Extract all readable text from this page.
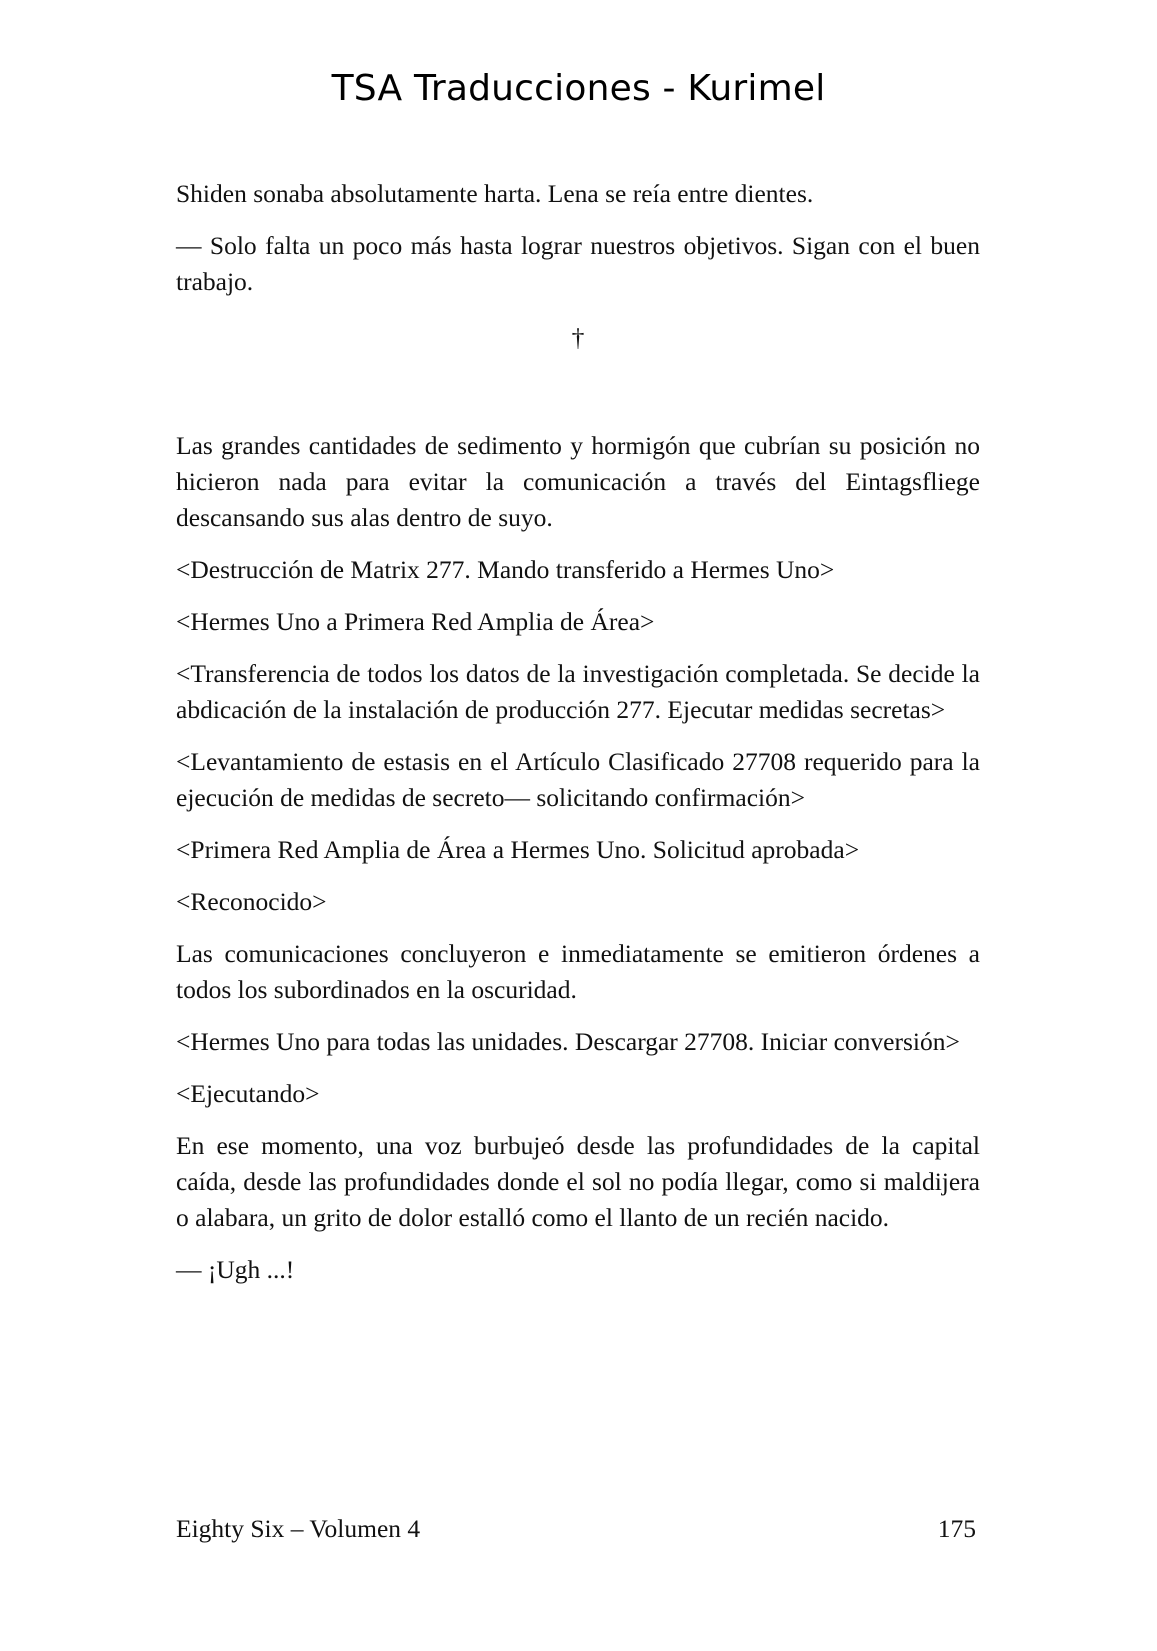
TSA Traducciones - Kurimel

Shiden sonaba absolutamente harta. Lena se reía entre dientes.

— Solo falta un poco más hasta lograr nuestros objetivos. Sigan con el buen trabajo.

†

Las grandes cantidades de sedimento y hormigón que cubrían su posición no hicieron nada para evitar la comunicación a través del Eintagsfliege descansando sus alas dentro de suyo.

<Destrucción de Matrix 277. Mando transferido a Hermes Uno>

<Hermes Uno a Primera Red Amplia de Área>

<Transferencia de todos los datos de la investigación completada. Se decide la abdicación de la instalación de producción 277. Ejecutar medidas secretas>

<Levantamiento de estasis en el Artículo Clasificado 27708 requerido para la ejecución de medidas de secreto— solicitando confirmación>

<Primera Red Amplia de Área a Hermes Uno. Solicitud aprobada>

<Reconocido>

Las comunicaciones concluyeron e inmediatamente se emitieron órdenes a todos los subordinados en la oscuridad.

<Hermes Uno para todas las unidades. Descargar 27708. Iniciar conversión>

<Ejecutando>

En ese momento, una voz burbujeó desde las profundidades de la capital caída, desde las profundidades donde el sol no podía llegar, como si maldijera o alabara, un grito de dolor estalló como el llanto de un recién nacido.

— ¡Ugh ...!

Eighty Six – Volumen 4	175
